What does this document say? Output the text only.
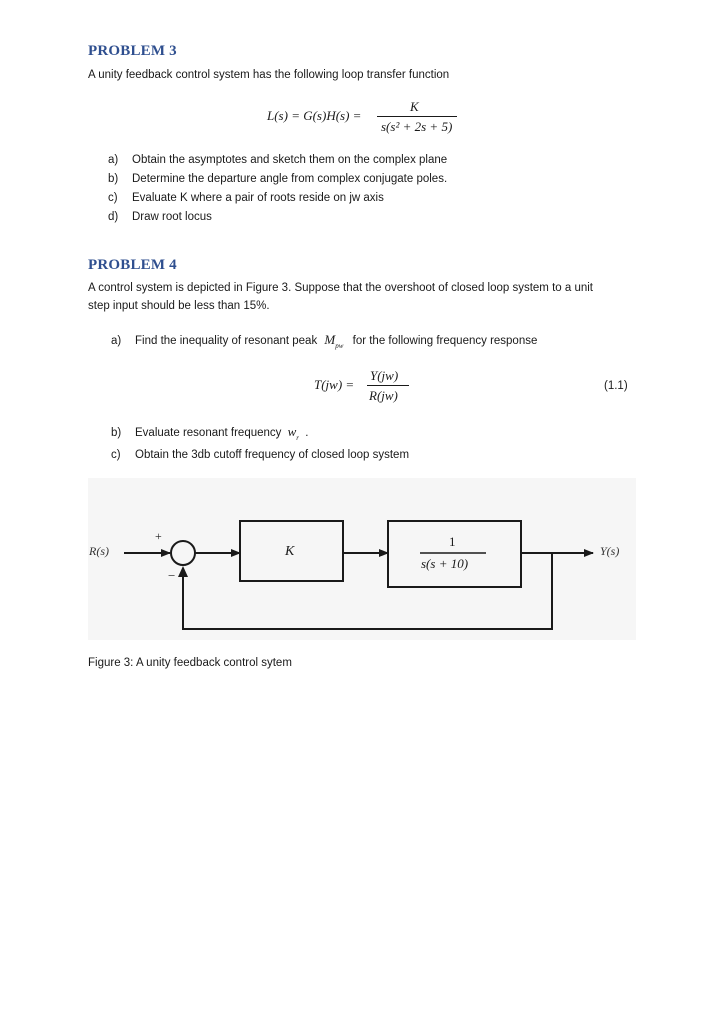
PROBLEM 3
A unity feedback control system has the following loop transfer function
L(s) = G(s)H(s) =
K
s(s² + 2s + 5)
a) Obtain the asymptotes and sketch them on the complex plane
b) Determine the departure angle from complex conjugate poles.
c) Evaluate K where a pair of roots reside on jw axis
d) Draw root locus
PROBLEM 4
A control system is depicted in Figure 3. Suppose that the overshoot of closed loop system to a unit
step input should be less than 15%.
a) Find the inequality of resonant peak $M_{pw}$ for the following frequency response
T(jw) =
Y(jw)
R(jw)
(1.1)
b) Evaluate resonant frequency $w_r$ .
c) Obtain the 3db cutoff frequency of closed loop system
R(s)
+
−
K
1
s(s + 10)
Y(s)
Figure 3: A unity feedback control sytem
